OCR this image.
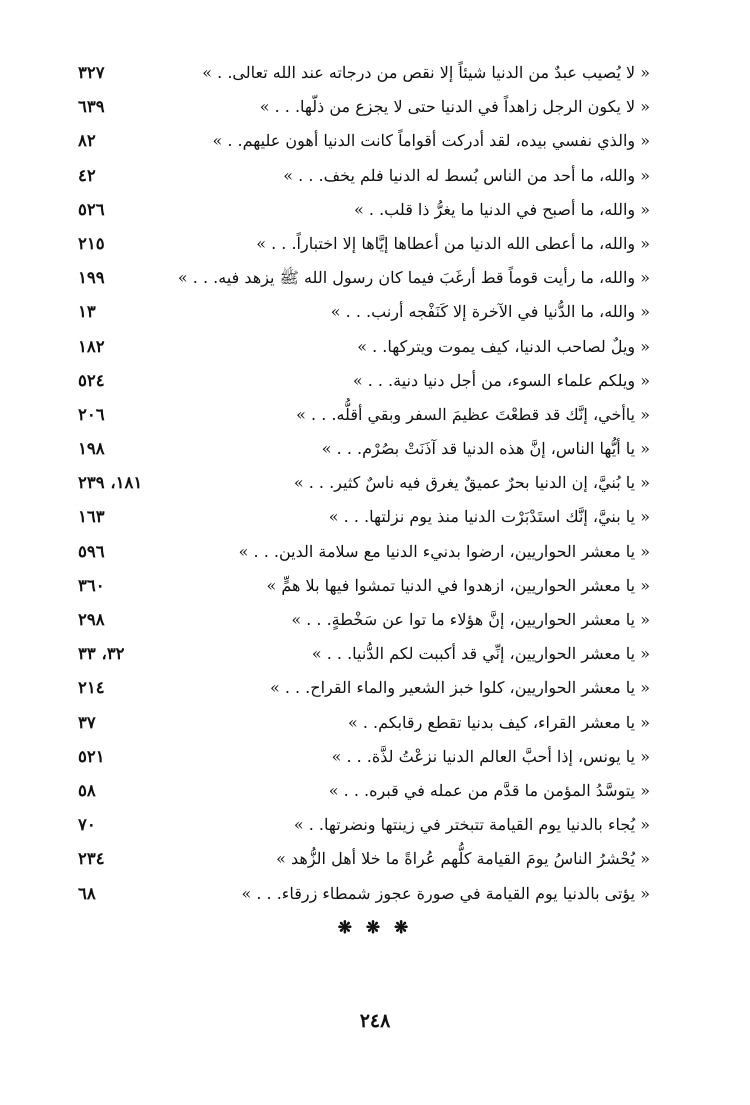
« لا يُصيب عبدٌ من الدنيا شيئاً إلا نقص من درجاته عند الله تعالى. . »
٣٢٧
« لا يكون الرجل زاهداً في الدنيا حتى لا يجزع من ذلّها. . . »
٦٣٩
« والذي نفسي بيده، لقد أدركت أقواماً كانت الدنيا أهون عليهم. . »
٨٢
« والله، ما أحد من الناس بُسط له الدنيا فلم يخف. . . »
٤٢
« والله، ما أصبح في الدنيا ما يغرُّ ذا قلب. . »
٥٢٦
« والله، ما أعطى الله الدنيا من أعطاها إيَّاها إلا اختباراً. . . »
٢١٥
« والله، ما رأيت قوماً قط أرغَبَ فيما كان رسول الله ﷺ يزهد فيه. . . »
١٩٩
« والله، ما الدُّنيا في الآخرة إلا كَنَفْجه أرنب. . . »
١٣
« ويلٌ لصاحب الدنيا، كيف يموت ويتركها. . »
١٨٢
« ويلكم علماء السوء، من أجل دنيا دنية. . . »
٥٢٤
« ياأخي، إنَّك قد قطعْتَ عظيمَ السفر وبقي أقلُّه. . . »
٢٠٦
« يا أيُّها الناس، إنَّ هذه الدنيا قد آذَنَتْ بصُرْم. . . »
١٩٨
« يا بُنيَّ، إن الدنيا بحرٌ عميقٌ يغرق فيه ناسٌ كثير. . . »
١٨١، ٢٣٩
« يا بنيَّ، إنَّك استَدْبَرْت الدنيا منذ يوم نزلتها. . . »
١٦٣
« يا معشر الحواريين، ارضوا بدنيء الدنيا مع سلامة الدين. . . »
٥٩٦
« يا معشر الحواريين، ازهدوا في الدنيا تمشوا فيها بلا همٍّ »
٣٦٠
« يا معشر الحواريين، إنَّ هؤلاء ما توا عن سَخْطةٍ. . . »
٢٩٨
« يا معشر الحواريين، إنِّي قد أكببت لكم الدُّنيا. . . »
٣٢، ٣٣
« يا معشر الحواريين، كلوا خبز الشعير والماء القراح. . . »
٢١٤
« يا معشر القراء، كيف بدنيا تقطع رقابكم. . »
٣٧
« يا يونس، إذا أحبَّ العالم الدنيا نزعْتُ لذَّة. . . »
٥٢١
« يتوسَّدُ المؤمن ما قدَّم من عمله في قبره. . . »
٥٨
« يُجاء بالدنيا يوم القيامة تتبختر في زينتها ونضرتها. . »
٧٠
« يُحْشرُ الناسُ يومَ القيامة كلُّهم عُراةً ما خلا أهل الزُّهد »
٢٣٤
« يؤتى بالدنيا يوم القيامة في صورة عجوز شمطاء زرقاء. . . »
٦٨
❋ ❋ ❋
٢٤٨
